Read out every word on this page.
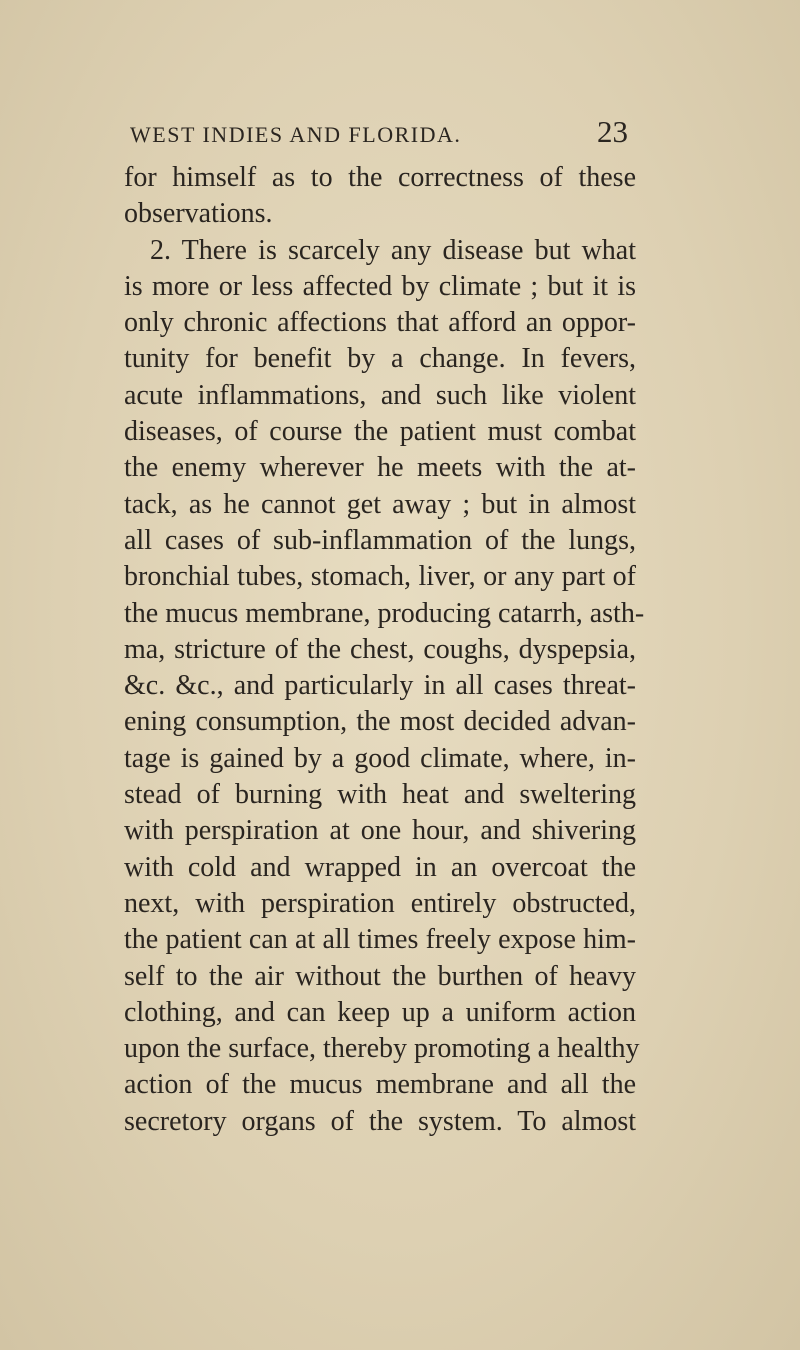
WEST INDIES AND FLORIDA.	23
for himself as to the correctness of these
observations.
2. There is scarcely any disease but what
is more or less affected by climate ; but it is
only chronic affections that afford an oppor-
tunity for benefit by a change. In fevers,
acute inflammations, and such like violent
diseases, of course the patient must combat
the enemy wherever he meets with the at-
tack, as he cannot get away ; but in almost
all cases of sub-inflammation of the lungs,
bronchial tubes, stomach, liver, or any part of
the mucus membrane, producing catarrh, asth-
ma, stricture of the chest, coughs, dyspepsia,
&c. &c., and particularly in all cases threat-
ening consumption, the most decided advan-
tage is gained by a good climate, where, in-
stead of burning with heat and sweltering
with perspiration at one hour, and shivering
with cold and wrapped in an overcoat the
next, with perspiration entirely obstructed,
the patient can at all times freely expose him-
self to the air without the burthen of heavy
clothing, and can keep up a uniform action
upon the surface, thereby promoting a healthy
action of the mucus membrane and all the
secretory organs of the system. To almost
